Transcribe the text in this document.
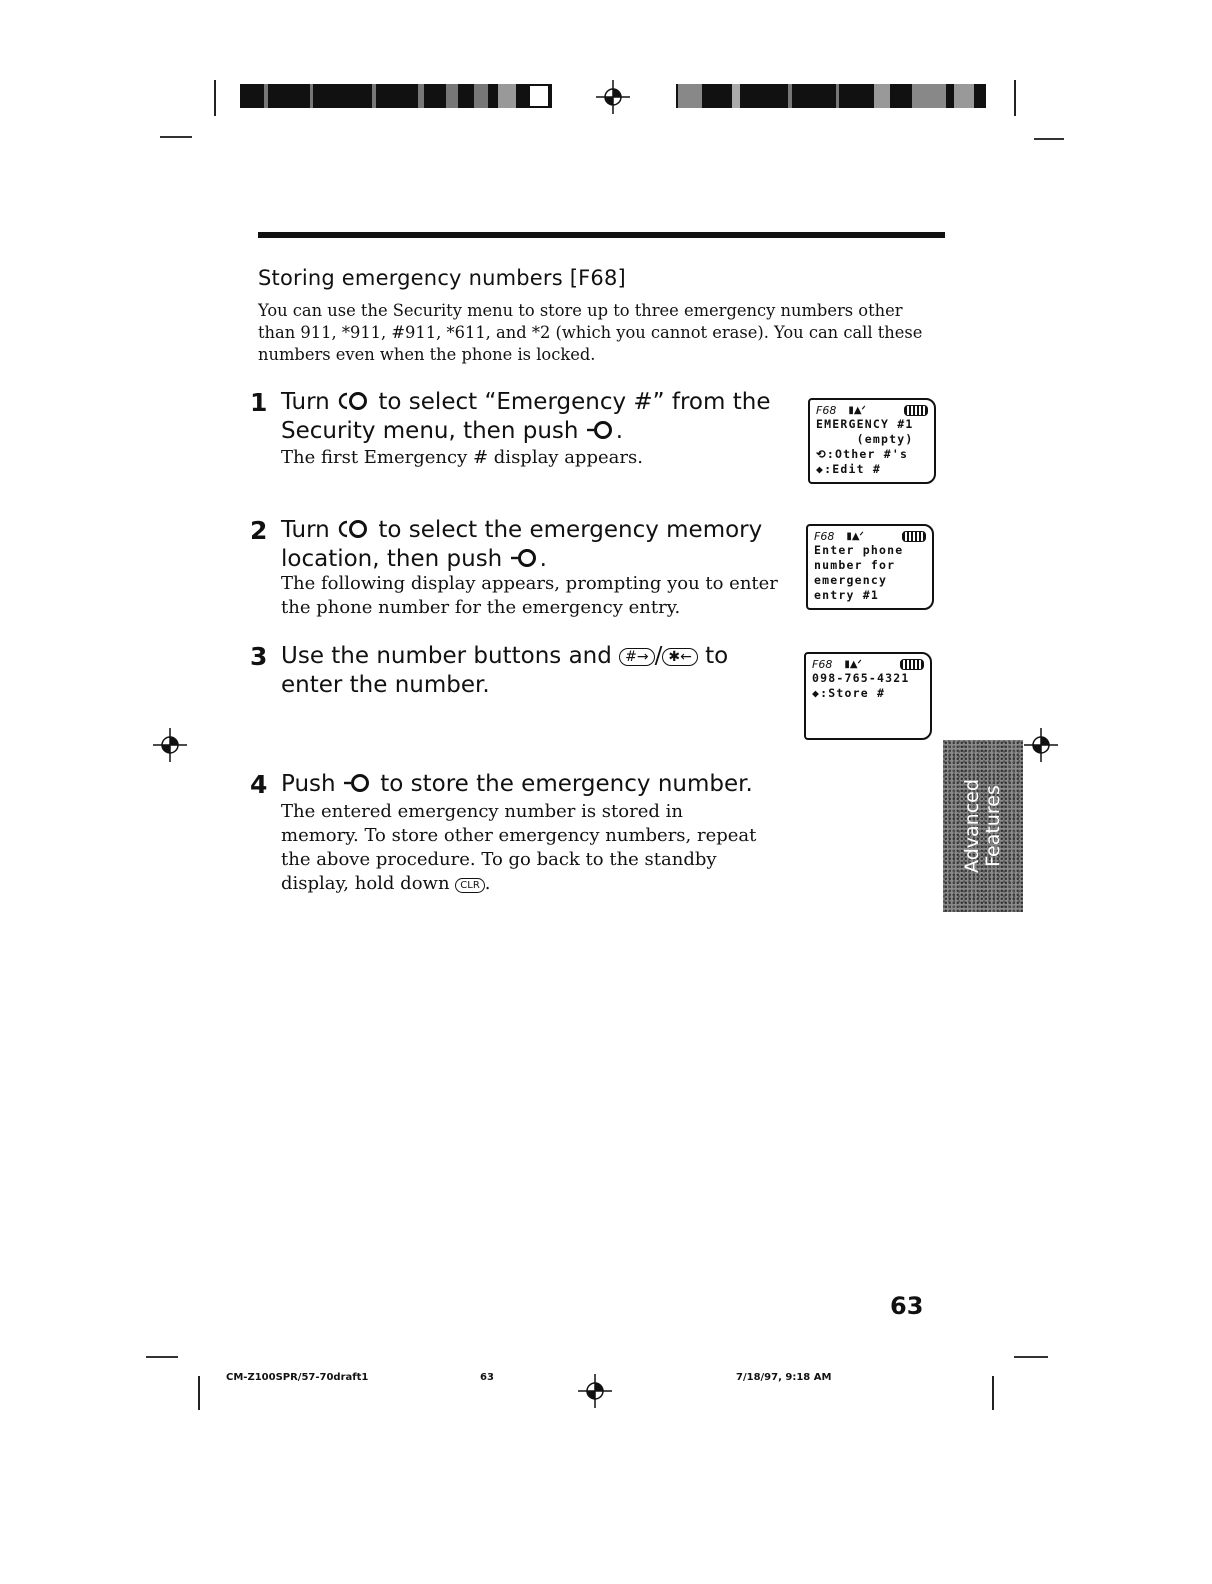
Storing emergency numbers [F68]
You can use the Security menu to store up to three emergency numbers other than 911, *911, #911, *611, and *2 (which you cannot erase). You can call these numbers even when the phone is locked.
1 Turn to select “Emergency #” from the Security menu, then push .
The first Emergency # display appears.
F68 ▮▲ᐟ
EMERGENCY #1
(empty)
⟲:Other #'s
◆:Edit #
2 Turn to select the emergency memory location, then push .
The following display appears, prompting you to enter the phone number for the emergency entry.
F68 ▮▲ᐟ
Enter phone
number for
emergency
entry #1
3 Use the number buttons and #→ / ✱← to enter the number.
F68 ▮▲ᐟ
098-765-4321
◆:Store #
4 Push to store the emergency number.
The entered emergency number is stored in memory. To store other emergency numbers, repeat the above procedure. To go back to the standby display, hold down CLR .
Advanced Features
63
CM-Z100SPR/57-70draft1	63	7/18/97, 9:18 AM
